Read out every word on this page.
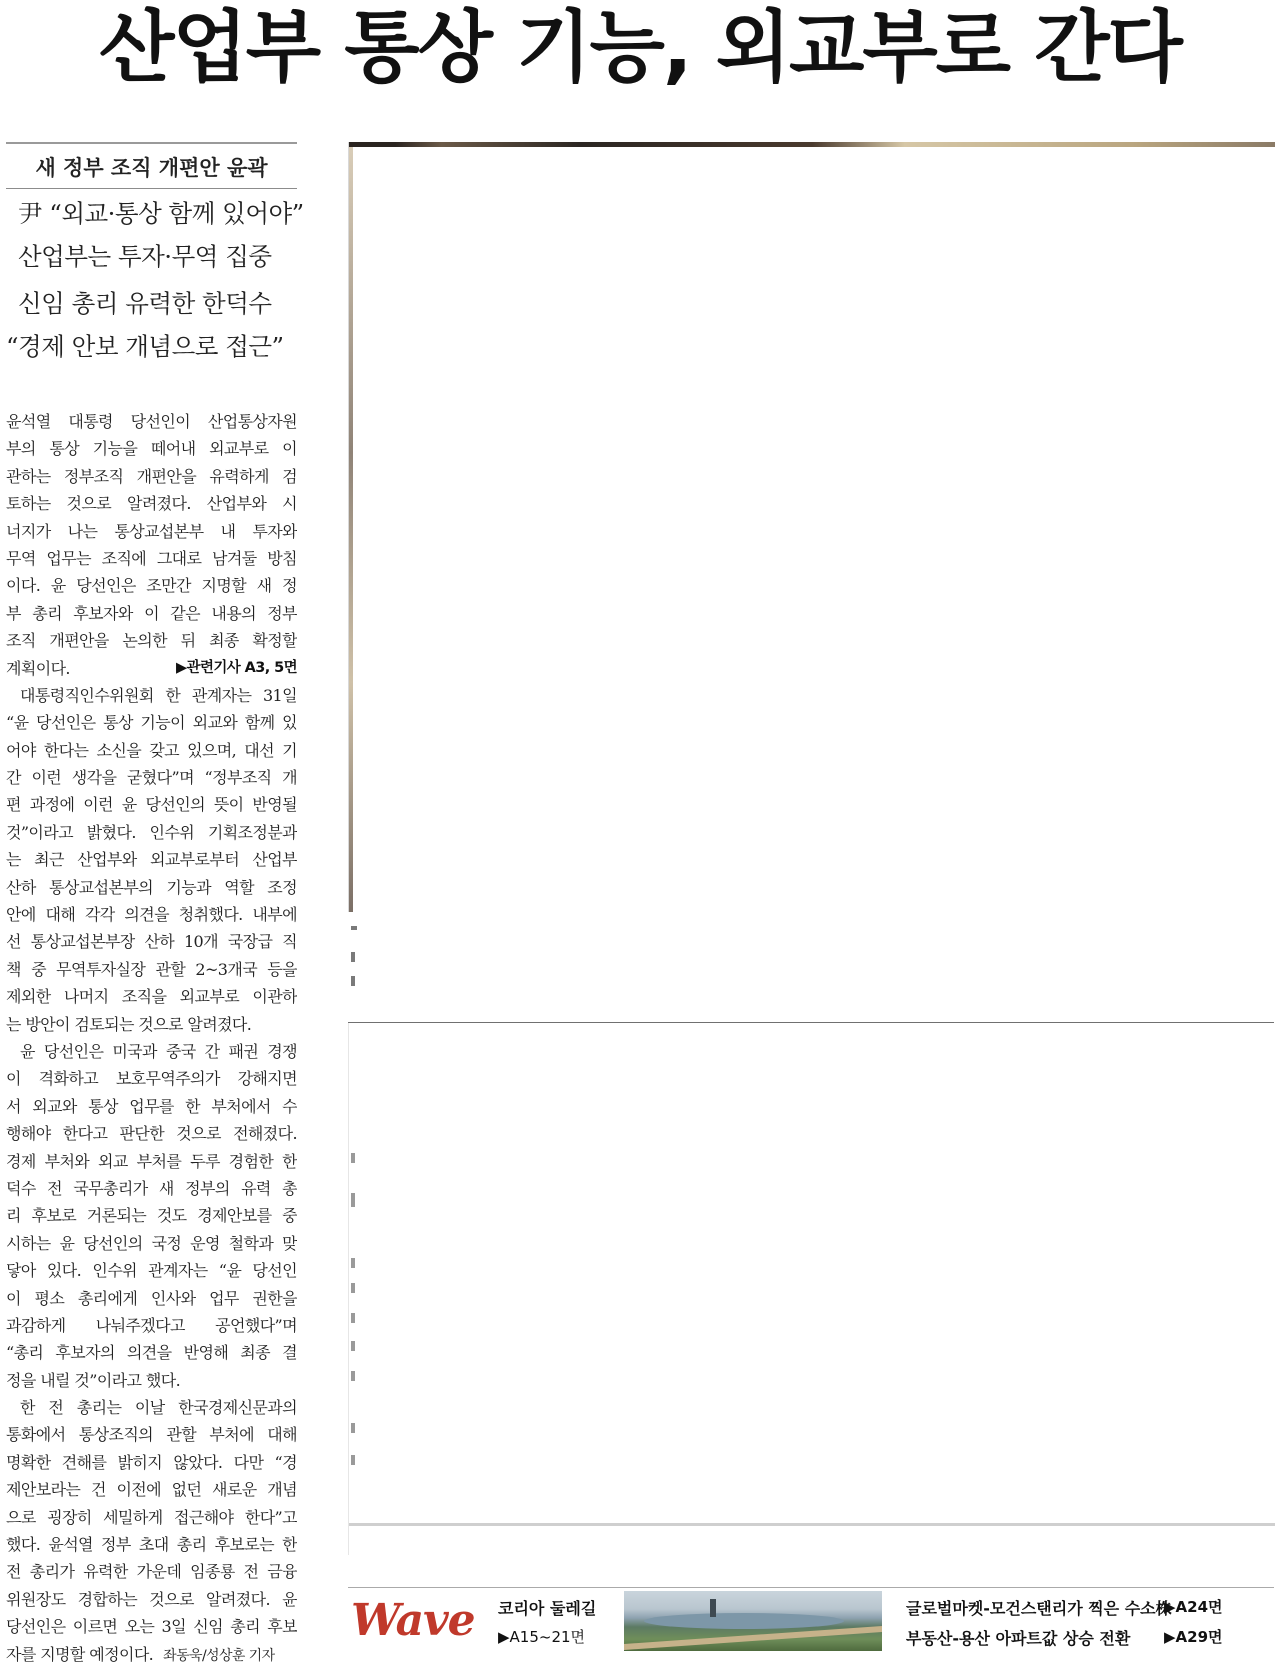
산업부 통상 기능, 외교부로 간다
새 정부 조직 개편안 윤곽
尹 “외교·통상 함께 있어야”
산업부는 투자·무역 집중
신임 총리 유력한 한덕수
“경제 안보 개념으로 접근”
윤석열 대통령 당선인이 산업통상자원
부의 통상 기능을 떼어내 외교부로 이
관하는 정부조직 개편안을 유력하게 검
토하는 것으로 알려졌다. 산업부와 시
너지가 나는 통상교섭본부 내 투자와
무역 업무는 조직에 그대로 남겨둘 방침
이다. 윤 당선인은 조만간 지명할 새 정
부 총리 후보자와 이 같은 내용의 정부
조직 개편안을 논의한 뒤 최종 확정할
계획이다.	▶관련기사 A3, 5면
대통령직인수위원회 한 관계자는 31일
“윤 당선인은 통상 기능이 외교와 함께 있
어야 한다는 소신을 갖고 있으며, 대선 기
간 이런 생각을 굳혔다”며 “정부조직 개
편 과정에 이런 윤 당선인의 뜻이 반영될
것”이라고 밝혔다. 인수위 기획조정분과
는 최근 산업부와 외교부로부터 산업부
산하 통상교섭본부의 기능과 역할 조정
안에 대해 각각 의견을 청취했다. 내부에
선 통상교섭본부장 산하 10개 국장급 직
책 중 무역투자실장 관할 2~3개국 등을
제외한 나머지 조직을 외교부로 이관하
는 방안이 검토되는 것으로 알려졌다.
윤 당선인은 미국과 중국 간 패권 경쟁
이 격화하고 보호무역주의가 강해지면
서 외교와 통상 업무를 한 부처에서 수
행해야 한다고 판단한 것으로 전해졌다.
경제 부처와 외교 부처를 두루 경험한 한
덕수 전 국무총리가 새 정부의 유력 총
리 후보로 거론되는 것도 경제안보를 중
시하는 윤 당선인의 국정 운영 철학과 맞
닿아 있다. 인수위 관계자는 “윤 당선인
이 평소 총리에게 인사와 업무 권한을
과감하게 나눠주겠다고 공언했다”며
“총리 후보자의 의견을 반영해 최종 결
정을 내릴 것”이라고 했다.
한 전 총리는 이날 한국경제신문과의
통화에서 통상조직의 관할 부처에 대해
명확한 견해를 밝히지 않았다. 다만 “경
제안보라는 건 이전에 없던 새로운 개념
으로 굉장히 세밀하게 접근해야 한다”고
했다. 윤석열 정부 초대 총리 후보로는 한
전 총리가 유력한 가운데 임종룡 전 금융
위원장도 경합하는 것으로 알려졌다. 윤
당선인은 이르면 오는 3일 신임 총리 후보
자를 지명할 예정이다. 좌동욱/성상훈 기자
Wave 코리아 둘레길
▶A15~21면
글로벌마켓-모건스탠리가 찍은 수소株
▶A24면
부동산-용산 아파트값 상승 전환 ▶A29면
